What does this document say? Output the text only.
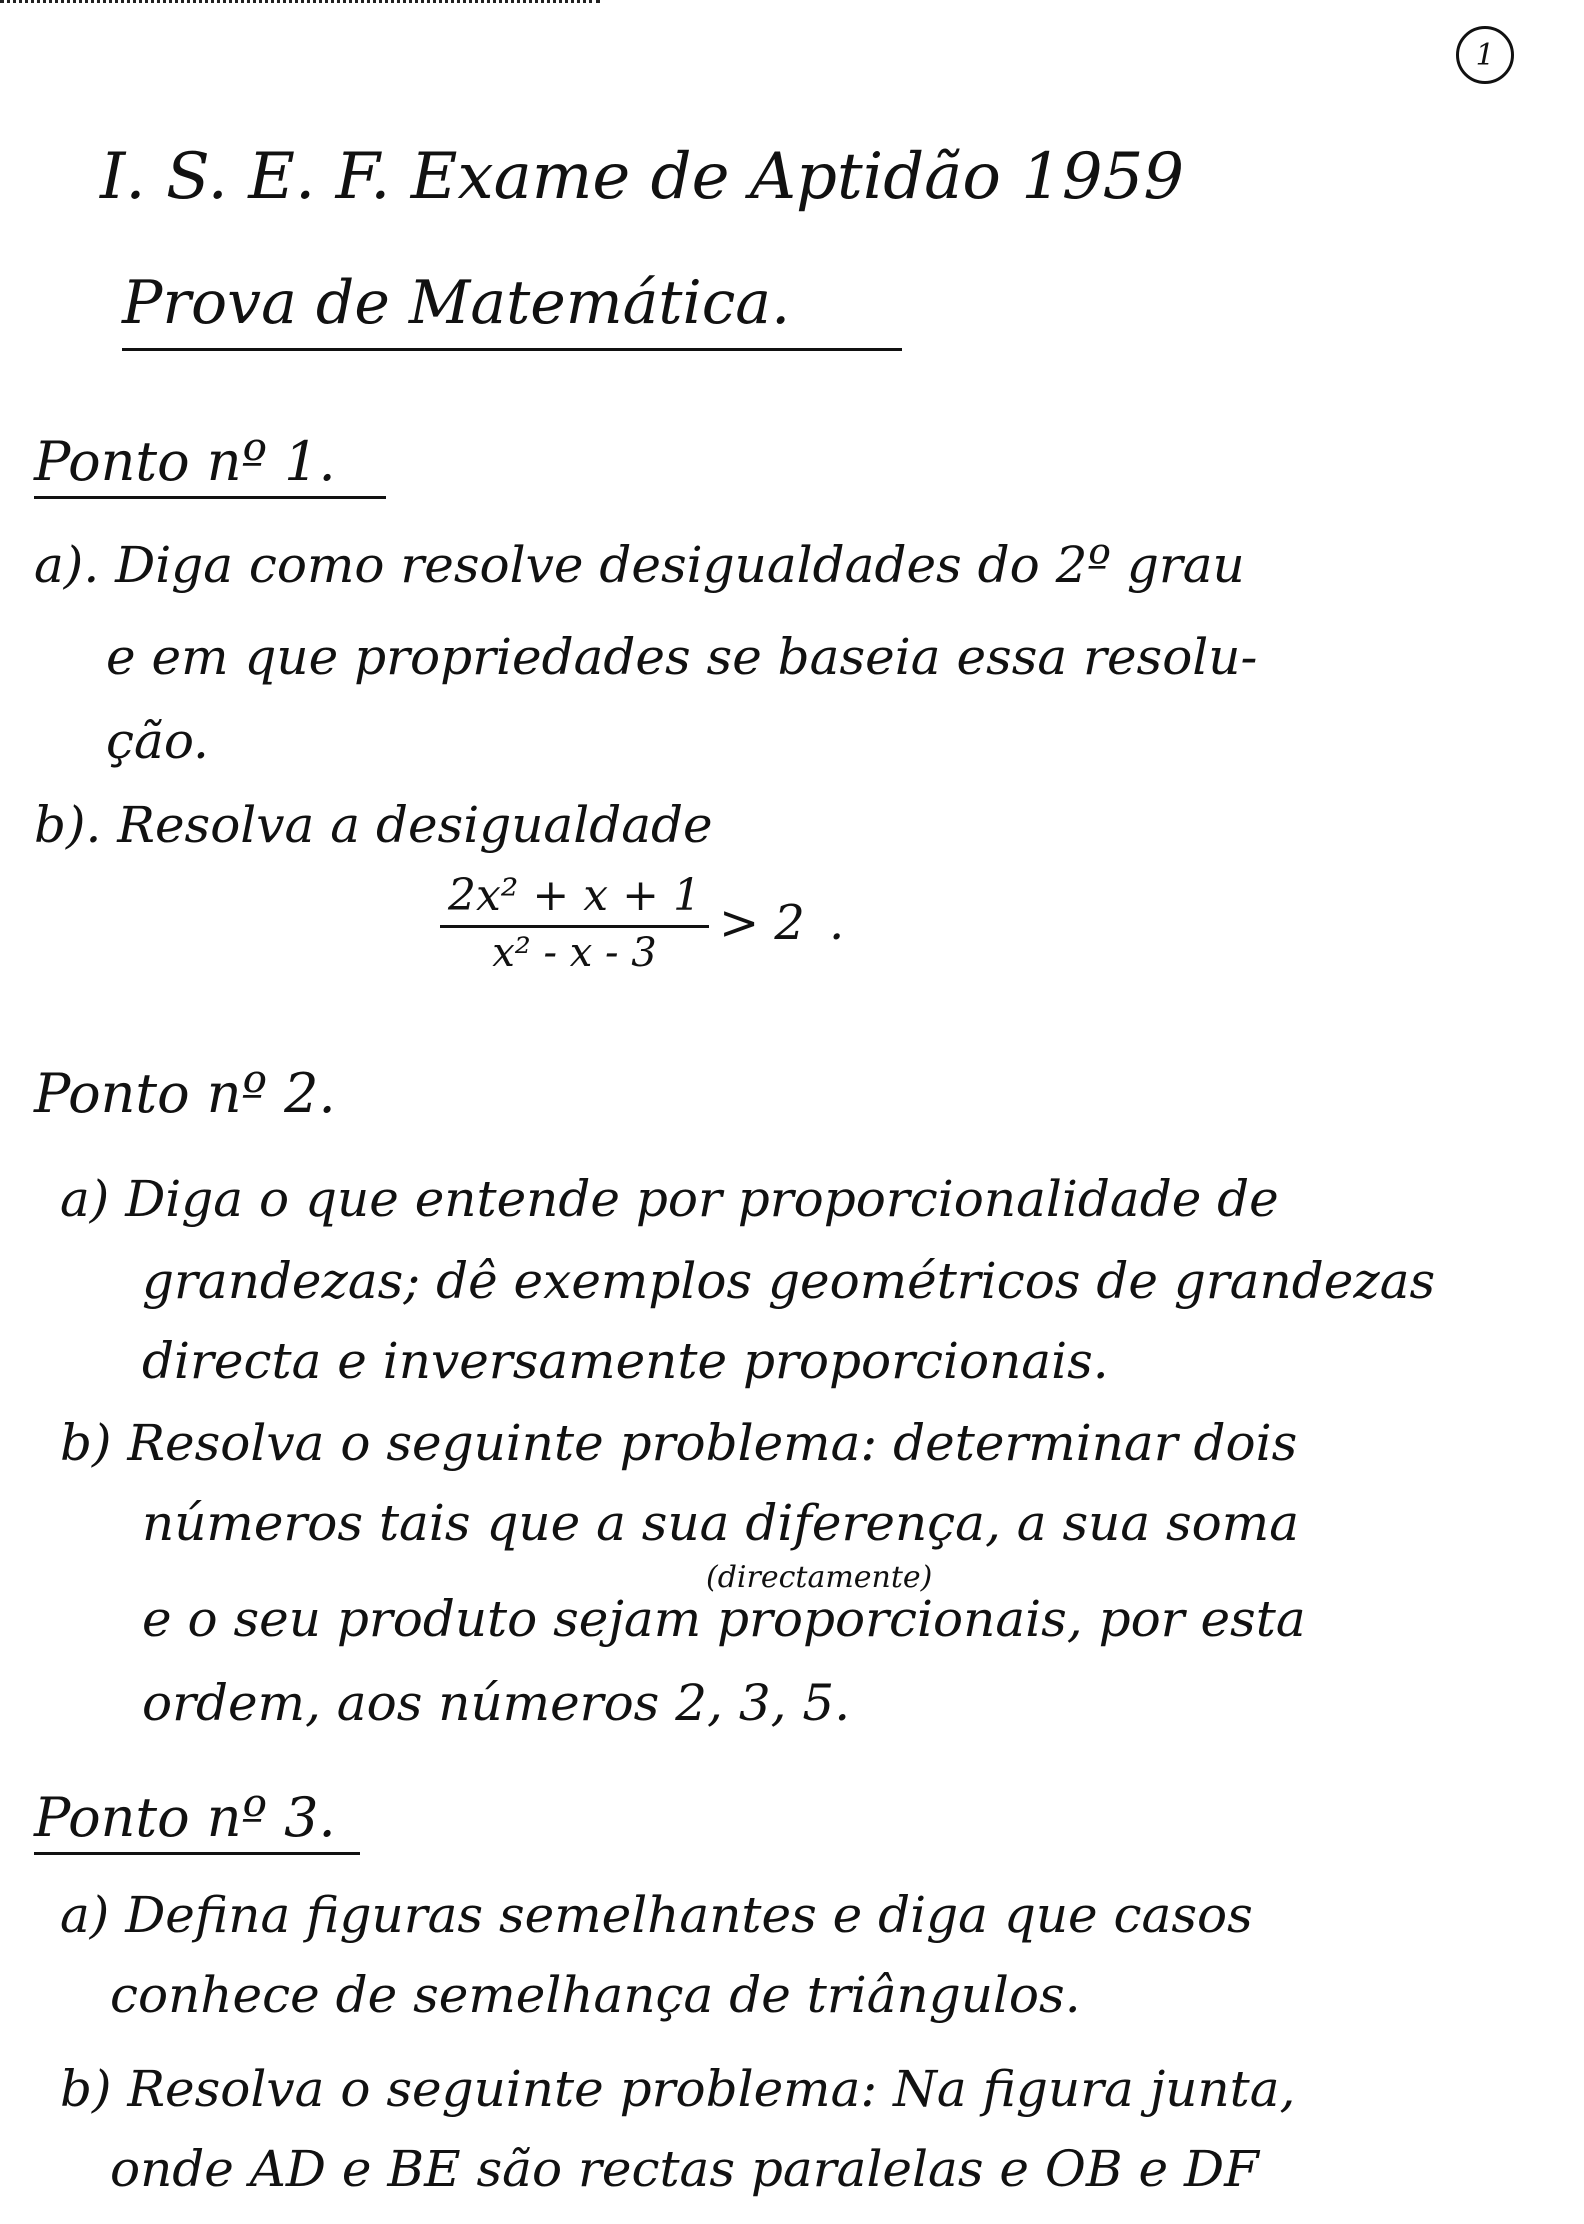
1
I. S. E. F. Exame de Aptidão 1959
Prova de Matemática.
Ponto nº 1.
a). Diga como resolve desigualdades do 2º grau
e em que propriedades se baseia essa resolu-
ção.
b). Resolva a desigualdade
$\frac{\text{2x² + x + 1}}{\text{x² - x - 3}} > 2$ .
Ponto nº 2.
a) Diga o que entende por proporcionalidade de
grandezas; dê exemplos geométricos de grandezas
directa e inversamente proporcionais.
b) Resolva o seguinte problema: determinar dois
números tais que a sua diferença, a sua soma
(directamente)
e o seu produto sejam proporcionais, por esta
ordem, aos números 2, 3, 5.
Ponto nº 3.
a) Defina figuras semelhantes e diga que casos
conhece de semelhança de triângulos.
b) Resolva o seguinte problema: Na figura junta,
onde AD e BE são rectas paralelas e OB e DF
